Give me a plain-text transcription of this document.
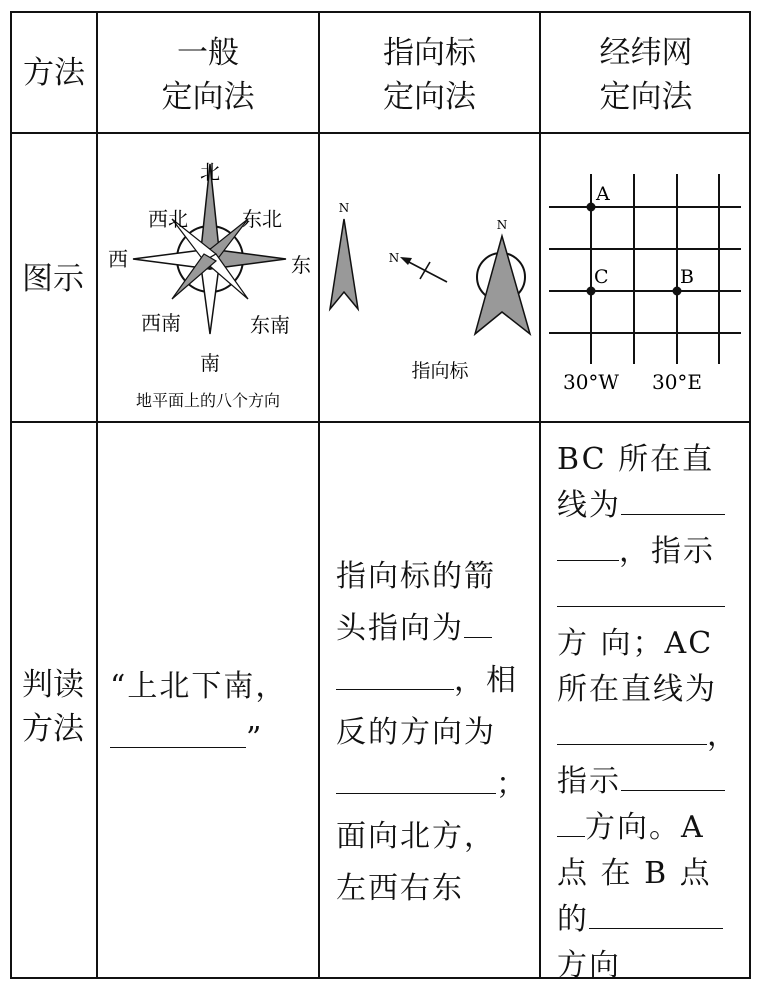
方法
一般
定向法
指向标
定向法
经纬网
定向法
图示
判读
方法
北
南
西	东
东北
西北
东南
西南
地平面上的八个方向
N
N
N
指向标
A
C	B
30°W 30°E
“上北下南，
”
指向标的箭
头指向为
，相
反的方向为
；
面向北方，
左西右东
BC 所在直
线为
，指示
方 向；AC
所在直线为
，
指示
方向。A
点 在 B 点
的
方向
